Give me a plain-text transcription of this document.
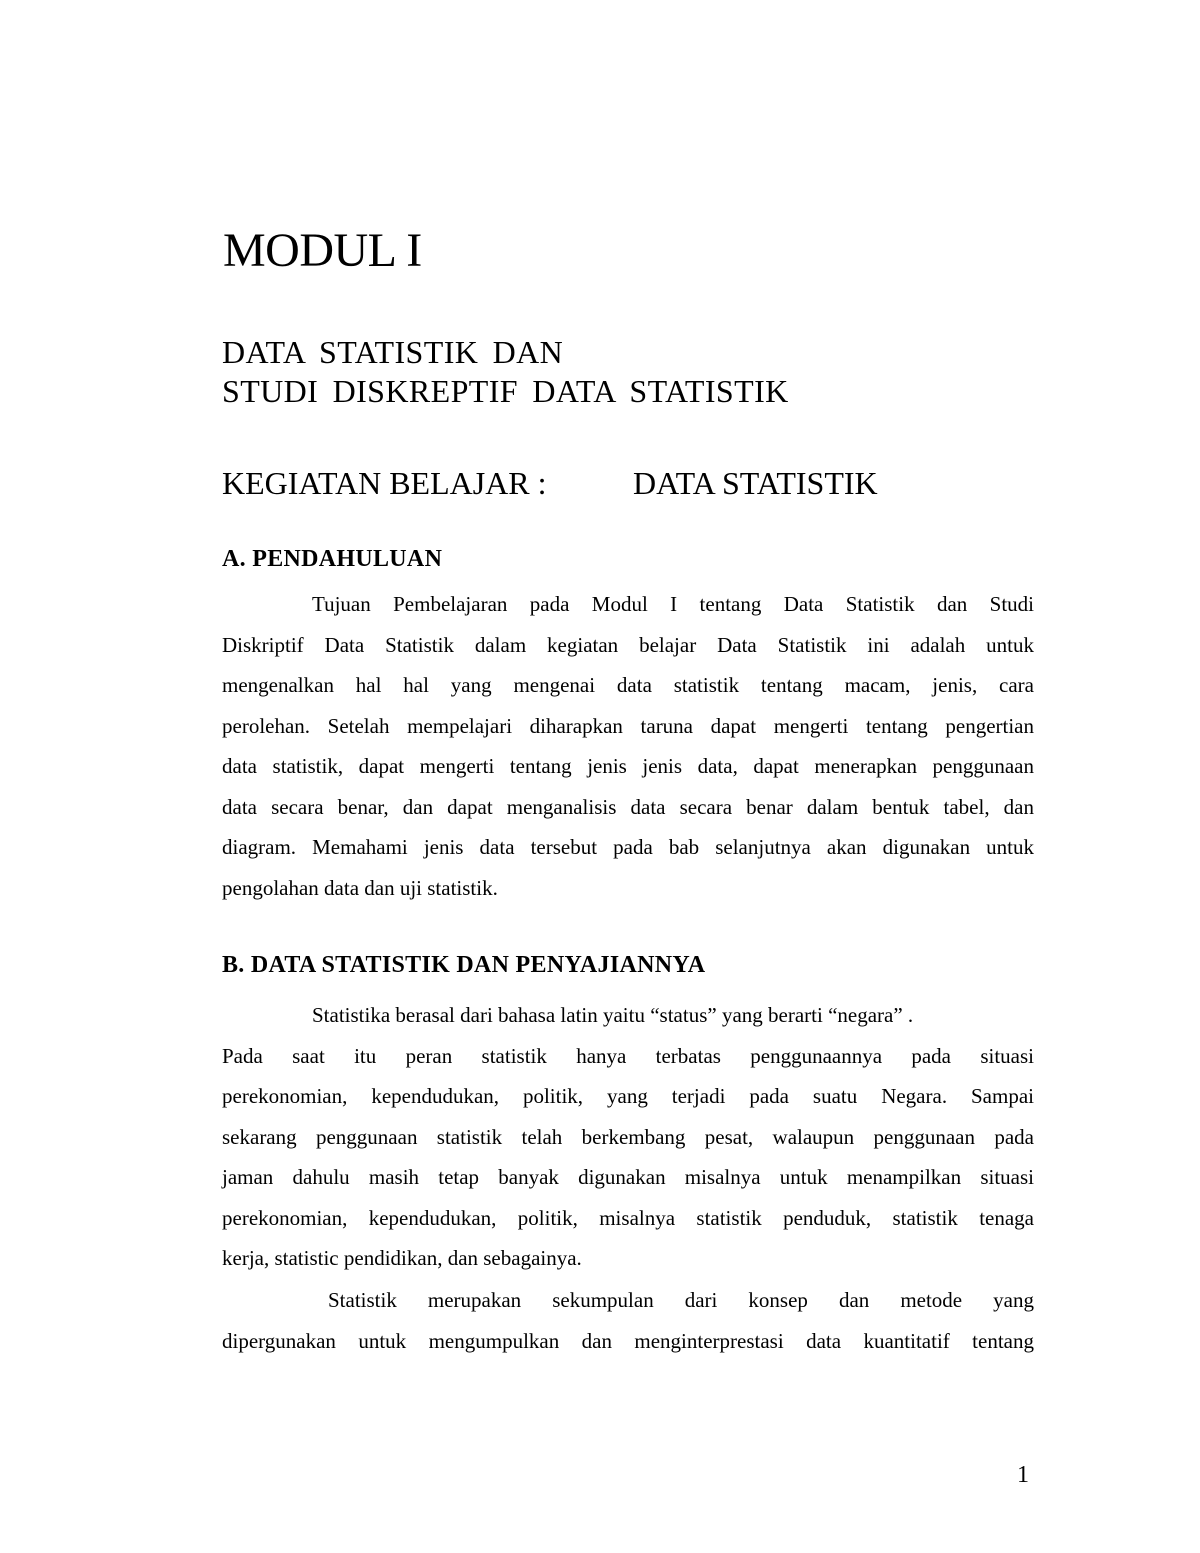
MODUL I
DATA STATISTIK DAN
STUDI DISKREPTIF DATA STATISTIK
KEGIATAN BELAJAR :	DATA STATISTIK
A. PENDAHULUAN
Tujuan Pembelajaran pada Modul I tentang Data Statistik dan Studi
Diskriptif Data Statistik dalam kegiatan belajar Data Statistik ini adalah untuk
mengenalkan hal hal yang mengenai data statistik tentang macam, jenis, cara
perolehan. Setelah mempelajari diharapkan taruna dapat mengerti tentang pengertian
data statistik, dapat mengerti tentang jenis jenis data, dapat menerapkan penggunaan
data secara benar, dan dapat menganalisis data secara benar dalam bentuk tabel, dan
diagram. Memahami jenis data tersebut pada bab selanjutnya akan digunakan untuk
pengolahan data dan uji statistik.
B. DATA STATISTIK DAN PENYAJIANNYA
Statistika berasal dari bahasa latin yaitu “status” yang berarti “negara” .
Pada saat itu peran statistik hanya terbatas penggunaannya pada situasi
perekonomian, kependudukan, politik, yang terjadi pada suatu Negara. Sampai
sekarang penggunaan statistik telah berkembang pesat, walaupun penggunaan pada
jaman dahulu masih tetap banyak digunakan misalnya untuk menampilkan situasi
perekonomian, kependudukan, politik, misalnya statistik penduduk, statistik tenaga
kerja, statistic pendidikan, dan sebagainya.
Statistik merupakan sekumpulan dari konsep dan metode yang
dipergunakan untuk mengumpulkan dan menginterprestasi data kuantitatif tentang
1
